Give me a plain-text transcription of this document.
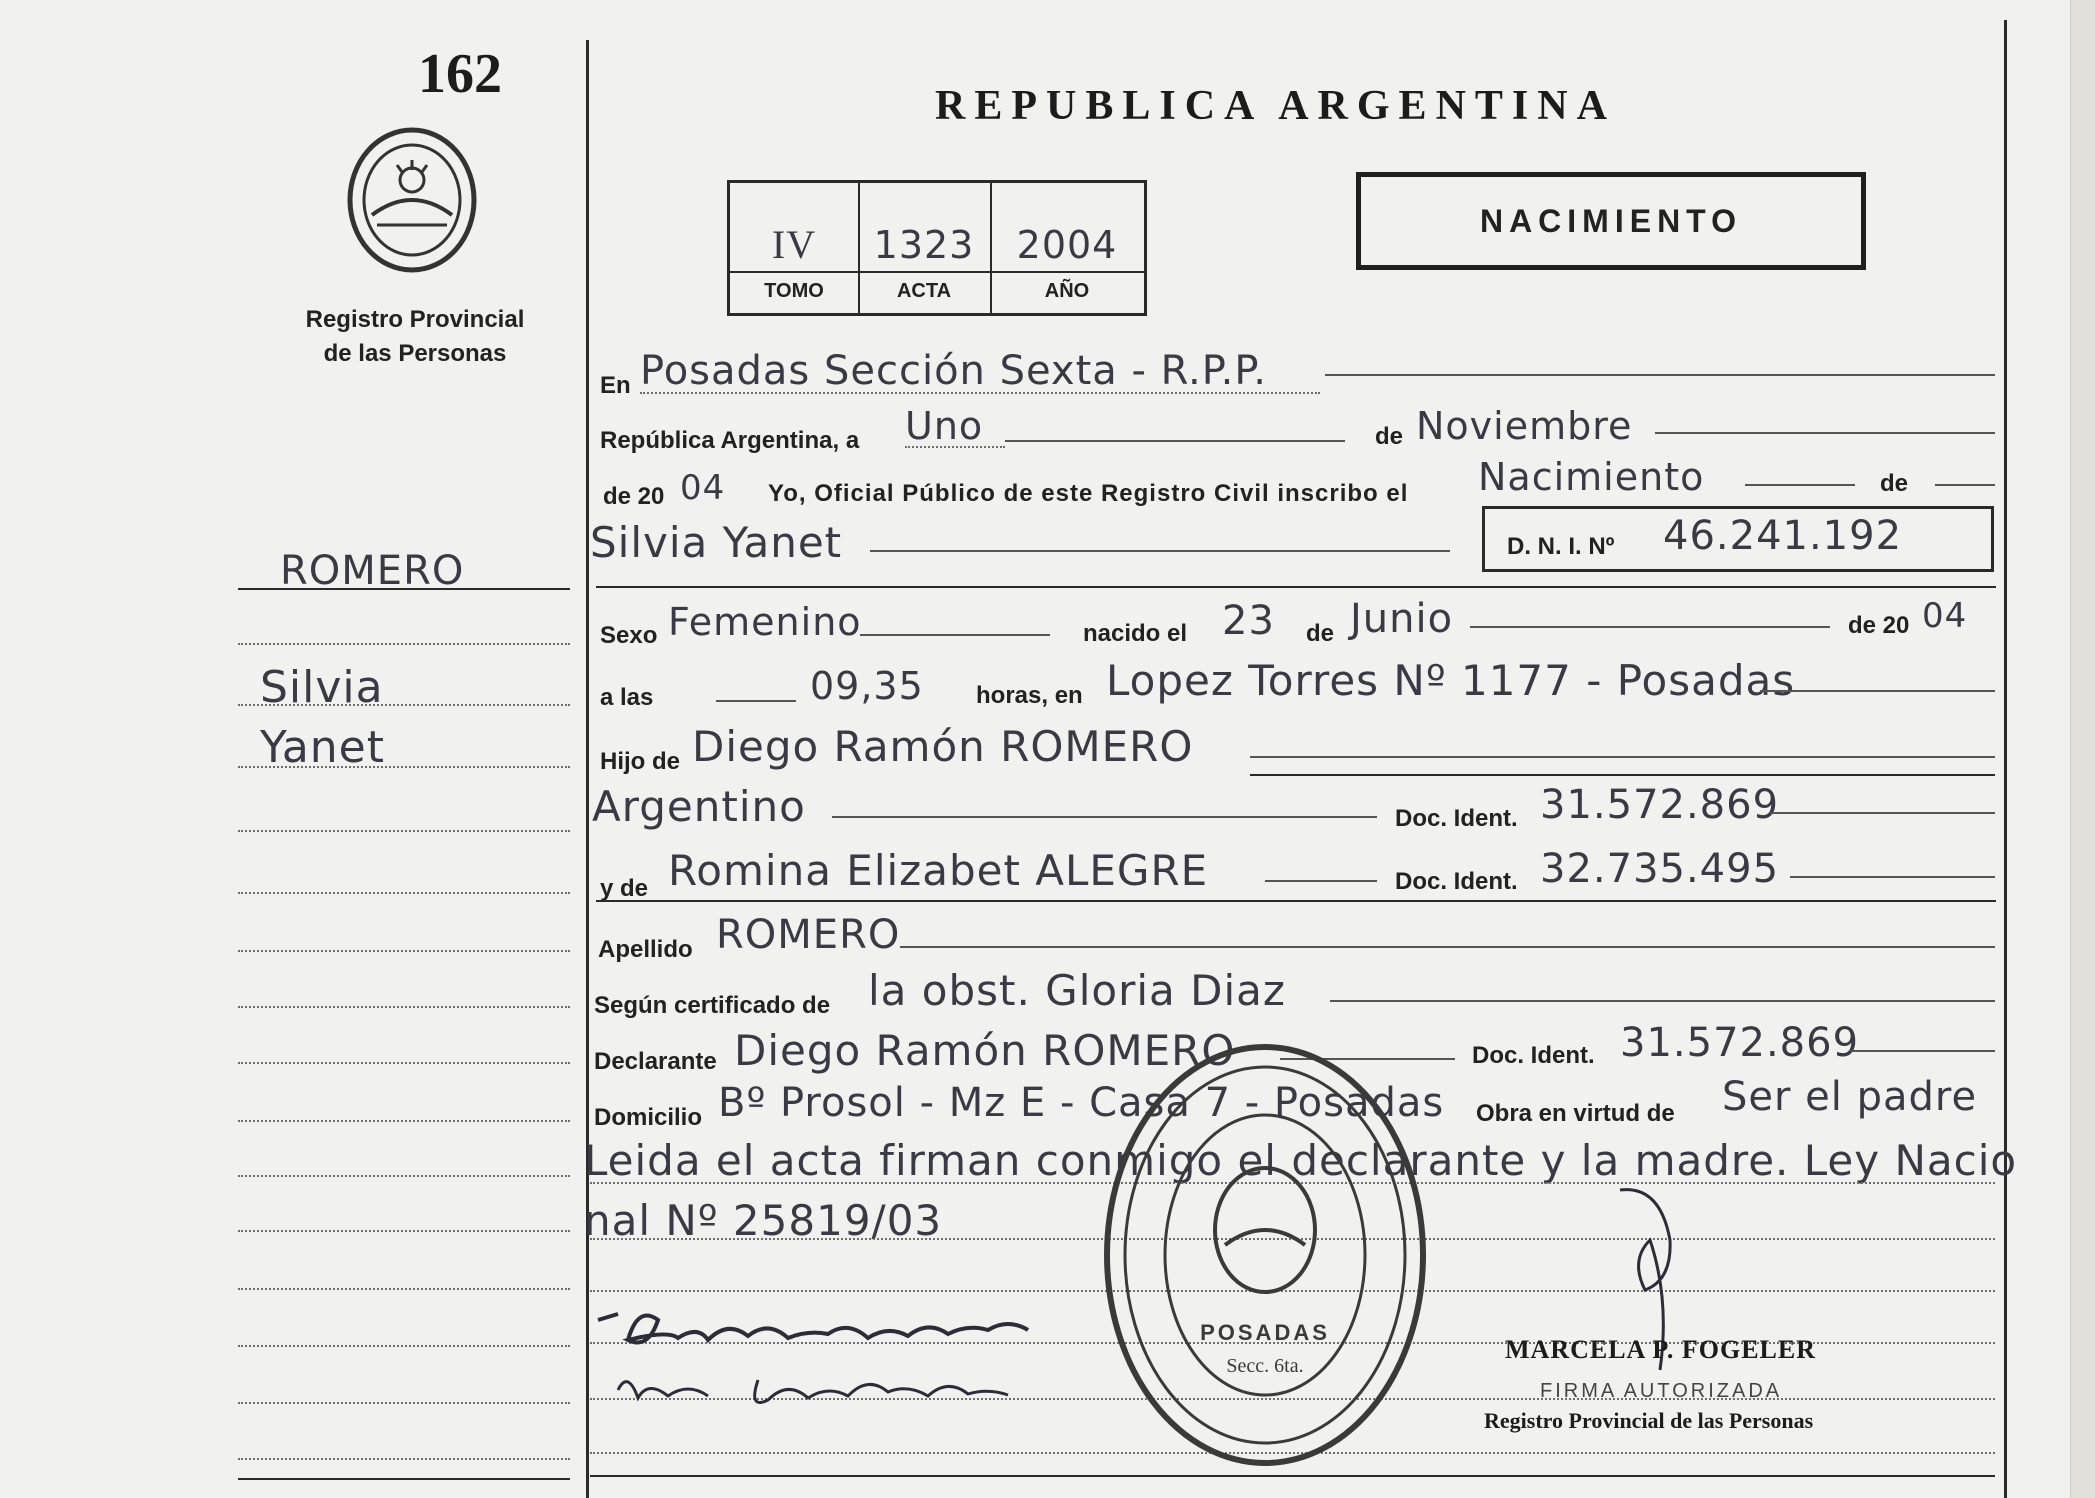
162
Registro Provincial
de las Personas
ROMERO
Silvia
Yanet
REPUBLICA ARGENTINA
IV	1323	2004
TOMO	ACTA	AÑO
NACIMIENTO
En Posadas Sección Sexta - R.P.P.
República Argentina, a Uno	de Noviembre
de 20 04 Yo, Oficial Público de este Registro Civil inscribo el Nacimiento	de
Silvia Yanet	D. N. I. Nº 46.241.192
Sexo Femenino	nacido el 23 de Junio	de 20 04
a las	09,35 horas, en Lopez Torres Nº 1177 - Posadas
Hijo de Diego Ramón ROMERO
Argentino	Doc. Ident. 31.572.869
y de Romina Elizabet ALEGRE	Doc. Ident. 32.735.495
Apellido ROMERO
Según certificado de la obst. Gloria Diaz
Declarante Diego Ramón ROMERO	Doc. Ident. 31.572.869
Domicilio Bº Prosol - Mz E - Casa 7 - Posadas Obra en virtud de Ser el padre
Leida el acta firman conmigo el declarante y la madre. Ley Nacio
nal Nº 25819/03
POSADAS
Secc. 6ta.
MARCELA P. FOGELER
FIRMA AUTORIZADA
Registro Provincial de las Personas
